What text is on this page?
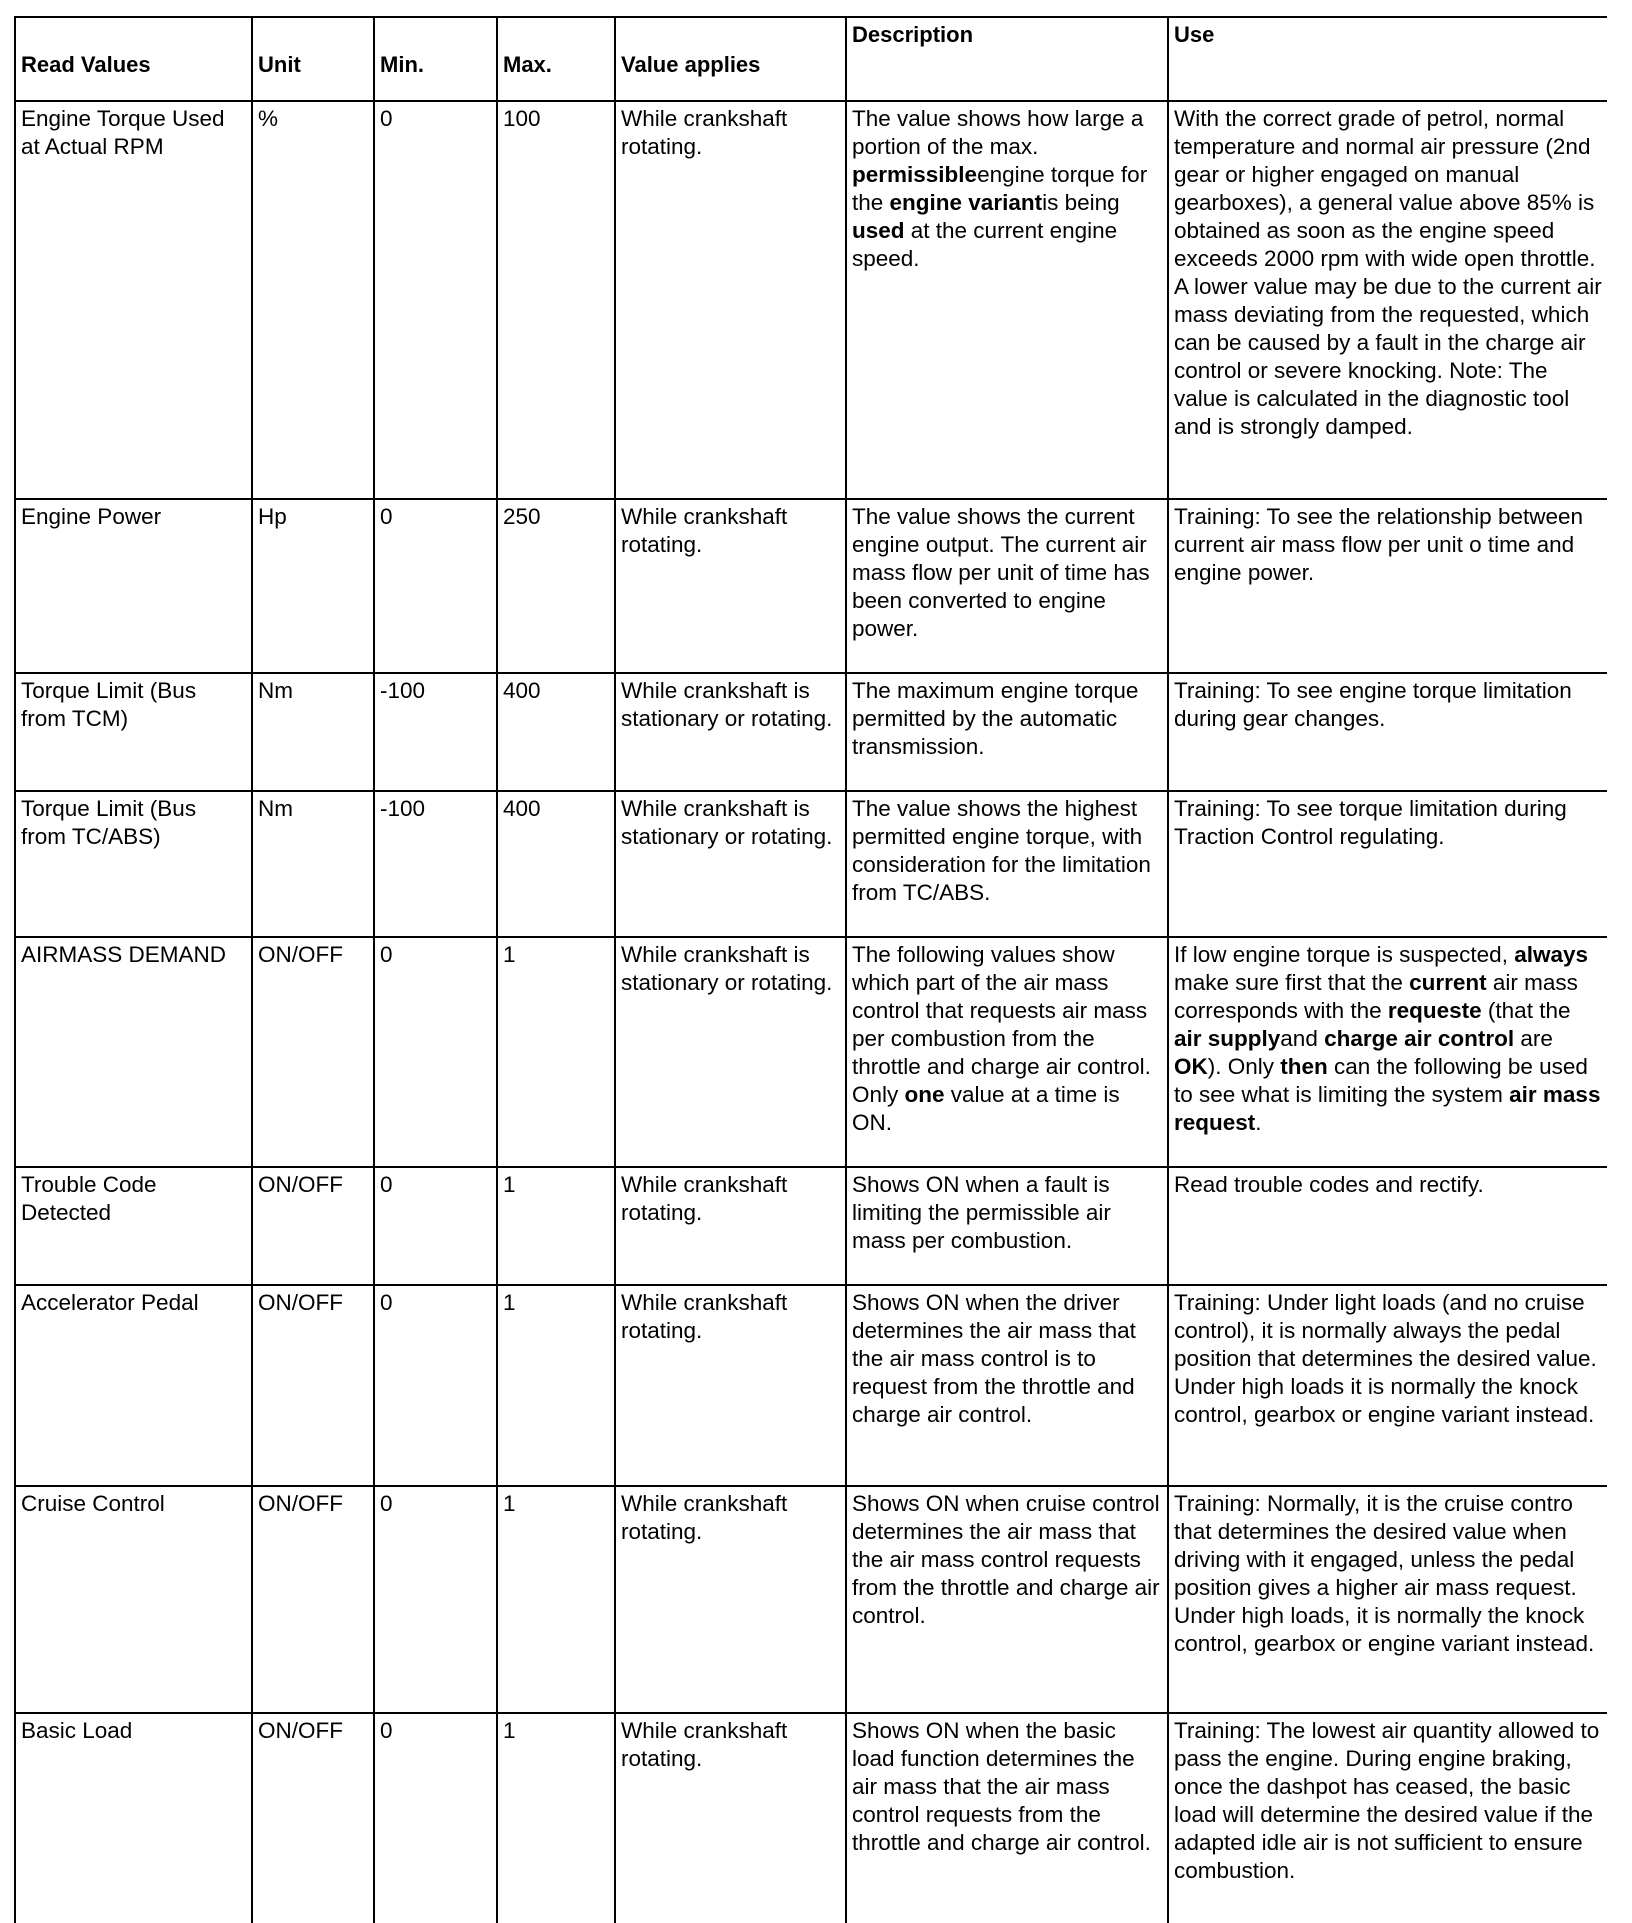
Read Values	Unit	Min.	Max.	Value applies	Description	Use
Engine Torque Used at Actual RPM	%	0	100	While crankshaft rotating.	The value shows how large a portion of the max. permissibleengine torque for the engine variantis being used at the current engine speed.	With the correct grade of petrol, normal temperature and normal air pressure (2nd gear or higher engaged on manual gearboxes), a general value above 85% is obtained as soon as the engine speed exceeds 2000 rpm with wide open throttle. A lower value may be due to the current air mass deviating from the requested, which can be caused by a fault in the charge air control or severe knocking. Note: The value is calculated in the diagnostic tool and is strongly damped.
Engine Power	Hp	0	250	While crankshaft rotating.	The value shows the current engine output. The current air mass flow per unit of time has been converted to engine power.	Training: To see the relationship between current air mass flow per unit o time and engine power.
Torque Limit (Bus from TCM)	Nm	-100	400	While crankshaft is stationary or rotating.	The maximum engine torque permitted by the automatic transmission.	Training: To see engine torque limitation during gear changes.
Torque Limit (Bus from TC/ABS)	Nm	-100	400	While crankshaft is stationary or rotating.	The value shows the highest permitted engine torque, with consideration for the limitation from TC/ABS.	Training: To see torque limitation during Traction Control regulating.
AIRMASS DEMAND	ON/OFF	0	1	While crankshaft is stationary or rotating.	The following values show which part of the air mass control that requests air mass per combustion from the throttle and charge air control. Only one value at a time is ON.	If low engine torque is suspected, always make sure first that the current air mass corresponds with the requeste (that the air supplyand charge air control are OK). Only then can the following be used to see what is limiting the system air mass request.
Trouble Code Detected	ON/OFF	0	1	While crankshaft rotating.	Shows ON when a fault is limiting the permissible air mass per combustion.	Read trouble codes and rectify.
Accelerator Pedal	ON/OFF	0	1	While crankshaft rotating.	Shows ON when the driver determines the air mass that the air mass control is to request from the throttle and charge air control.	Training: Under light loads (and no cruise control), it is normally always the pedal position that determines the desired value. Under high loads it is normally the knock control, gearbox or engine variant instead.
Cruise Control	ON/OFF	0	1	While crankshaft rotating.	Shows ON when cruise control determines the air mass that the air mass control requests from the throttle and charge air control.	Training: Normally, it is the cruise contro that determines the desired value when driving with it engaged, unless the pedal position gives a higher air mass request. Under high loads, it is normally the knock control, gearbox or engine variant instead.
Basic Load	ON/OFF	0	1	While crankshaft rotating.	Shows ON when the basic load function determines the air mass that the air mass control requests from the throttle and charge air control.	Training: The lowest air quantity allowed to pass the engine. During engine braking, once the dashpot has ceased, the basic load will determine the desired value if the adapted idle air is not sufficient to ensure combustion.
